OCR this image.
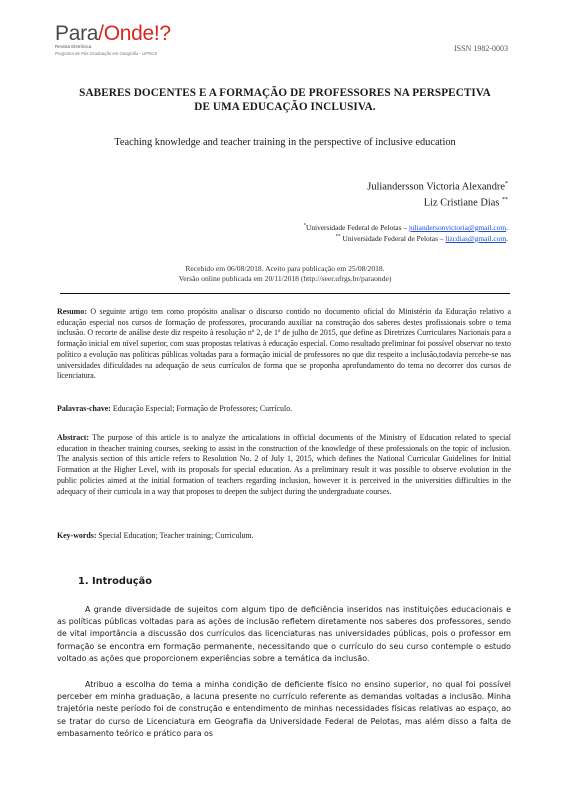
Para/Onde!?
Revista Eletrônica
Programa de Pós-Graduação em Geografia · UFRGS
ISSN 1982-0003
SABERES DOCENTES E A FORMAÇÃO DE PROFESSORES NA PERSPECTIVA
DE UMA EDUCAÇÃO INCLUSIVA.
Teaching knowledge and teacher training in the perspective of inclusive education
Juliandersson Victoria Alexandre*
Liz Cristiane Dias **
*Universidade Federal de Pelotas – juliandersonvictoria@gmail.com.
** Universidade Federal de Pelotas – lizcdias@gmail.com.
Recebido em 06/08/2018. Aceito para publicação em 25/08/2018.
Versão online publicada em 20/11/2018 (http://seer.ufrgs.br/paraonde)
Resumo: O seguinte artigo tem como propósito analisar o discurso contido no documento oficial do Ministério da Educação relativo a educação especial nos cursos de formação de professores, procurando auxiliar na construção dos saberes destes profissionais sobre o tema inclusão. O recorte de análise deste diz respeito à resolução nº 2, de 1º de julho de 2015, que define as Diretrizes Curriculares Nacionais para a formação inicial em nível superior, com suas propostas relativas à educação especial. Como resultado preliminar foi possível observar no texto político a evolução nas políticas públicas voltadas para a formação inicial de professores no que diz respeito a inclusão,todavia percebe-se nas universidades dificuldades na adequação de seus currículos de forma que se proponha aprofundamento do tema no decorrer dos cursos de licenciatura.
Palavras-chave: Educação Especial; Formação de Professores; Currículo.
Abstract: The purpose of this article is to analyze the articalations in official documents of the Ministry of Education related to special education in theacher training courses, seeking to assist in the construction of the knowledge of these professionals on the topic of inclusion. The analysis section of this article refers to Resolution No. 2 of July 1, 2015, which defines the National Curricular Guidelines for Initial Formation at the Higher Level, with its proposals for special education. As a preliminary result it was possible to observe evolution in the public policies aimed at the initial formation of teachers regarding inclusion, however it is perceived in the universities difficulties in the adequacy of their curricula in a way that proposes to deepen the subject during the undergraduate courses.
Key-words: Special Education; Teacher training; Curriculum.
1. Introdução
A grande diversidade de sujeitos com algum tipo de deficiência inseridos nas instituições educacionais e as políticas públicas voltadas para as ações de inclusão refletem diretamente nos saberes dos professores, sendo de vital importância a discussão dos currículos das licenciaturas nas universidades públicas, pois o professor em formação se encontra em formação permanente, necessitando que o currículo do seu curso contemple o estudo voltado as ações que proporcionem experiências sobre a temática da inclusão.
Atribuo a escolha do tema a minha condição de deficiente físico no ensino superior, no qual foi possível perceber em minha graduação, a lacuna presente no currículo referente as demandas voltadas a inclusão. Minha trajetória neste período foi de construção e entendimento de minhas necessidades físicas relativas ao espaço, ao se tratar do curso de Licenciatura em Geografia da Universidade Federal de Pelotas, mas além disso a falta de embasamento teórico e prático para os
